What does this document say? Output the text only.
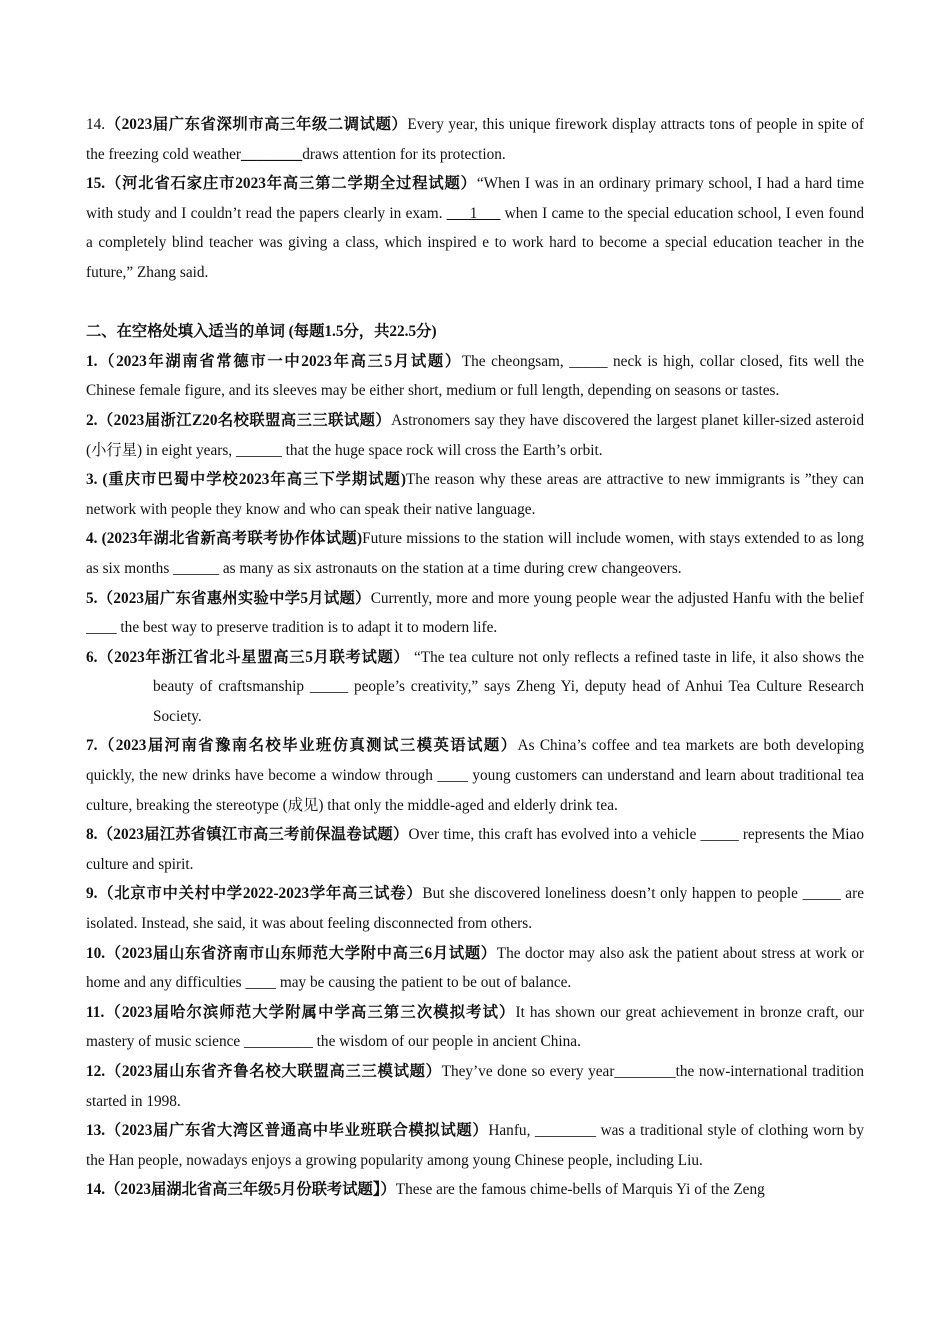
14.（2023届广东省深圳市高三年级二调试题）Every year, this unique firework display attracts tons of people in spite of the freezing cold weather________draws attention for its protection.

15.（河北省石家庄市2023年高三第二学期全过程试题）“When I was in an ordinary primary school, I had a hard time with study and I couldn’t read the papers clearly in exam. ___1___ when I came to the special education school, I even found a completely blind teacher was giving a class, which inspired e to work hard to become a special education teacher in the future,” Zhang said.

二、在空格处填入适当的单词 (每题1.5分，共22.5分)

1.（2023年湖南省常德市一中2023年高三5月试题）The cheongsam, _____ neck is high, collar closed, fits well the Chinese female figure, and its sleeves may be either short, medium or full length, depending on seasons or tastes.

2.（2023届浙江Z20名校联盟高三三联试题）Astronomers say they have discovered the largest planet killer-sized asteroid (小行星) in eight years, ______ that the huge space rock will cross the Earth’s orbit.

3. (重庆市巴蜀中学校2023年高三下学期试题)The reason why these areas are attractive to new immigrants is ”they can network with people they know and who can speak their native language.

4. (2023年湖北省新高考联考协作体试题)Future missions to the station will include women, with stays extended to as long as six months ______ as many as six astronauts on the station at a time during crew changeovers.

5.（2023届广东省惠州实验中学5月试题）Currently, more and more young people wear the adjusted Hanfu with the belief ____ the best way to preserve tradition is to adapt it to modern life.

6.（2023年浙江省北斗星盟高三5月联考试题） “The tea culture not only reflects a refined taste in life, it also shows the beauty of craftsmanship _____ people’s creativity,” says Zheng Yi, deputy head of Anhui Tea Culture Research Society.

7.（2023届河南省豫南名校毕业班仿真测试三模英语试题）As China’s coffee and tea markets are both developing quickly, the new drinks have become a window through ____ young customers can understand and learn about traditional tea culture, breaking the stereotype (成见) that only the middle-aged and elderly drink tea.

8.（2023届江苏省镇江市高三考前保温卷试题）Over time, this craft has evolved into a vehicle _____ represents the Miao culture and spirit.

9.（北京市中关村中学2022-2023学年高三试卷）But she discovered loneliness doesn’t only happen to people _____ are isolated. Instead, she said, it was about feeling disconnected from others.

10.（2023届山东省济南市山东师范大学附中高三6月试题）The doctor may also ask the patient about stress at work or home and any difficulties ____ may be causing the patient to be out of balance.

11.（2023届哈尔滨师范大学附属中学高三第三次模拟考试）It has shown our great achievement in bronze craft, our mastery of music science _________ the wisdom of our people in ancient China.

12.（2023届山东省齐鲁名校大联盟高三三模试题）They’ve done so every year________the now-international tradition started in 1998.

13.（2023届广东省大湾区普通高中毕业班联合模拟试题）Hanfu, ________ was a traditional style of clothing worn by the Han people, nowadays enjoys a growing popularity among young Chinese people, including Liu.

14.（2023届湖北省高三年级5月份联考试题】）These are the famous chime-bells of Marquis Yi of the Zeng
